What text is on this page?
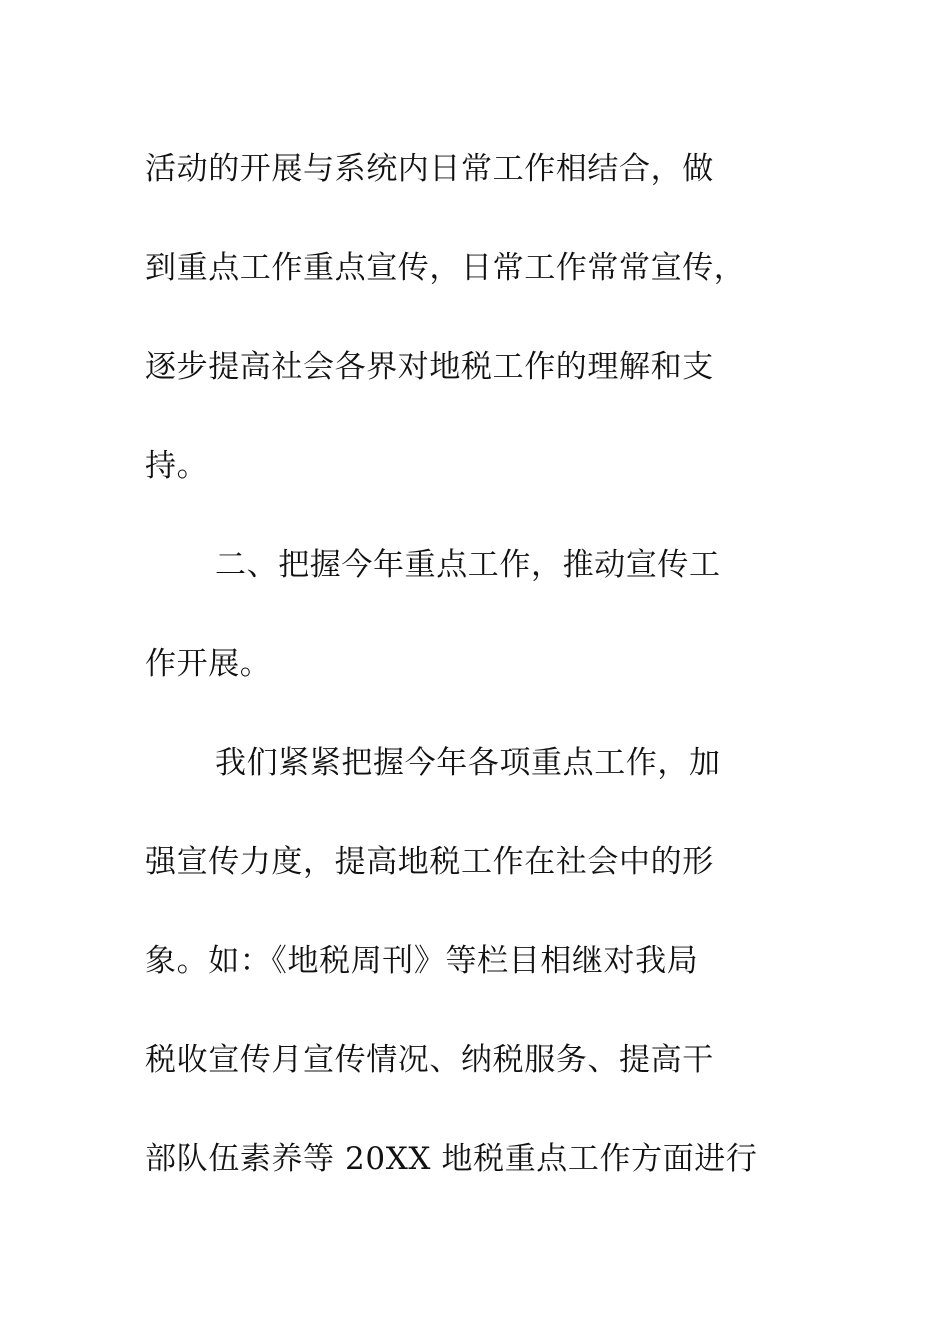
活动的开展与系统内日常工作相结合，做
到重点工作重点宣传，日常工作常常宣传，
逐步提高社会各界对地税工作的理解和支
持。
二、把握今年重点工作，推动宣传工
作开展。
我们紧紧把握今年各项重点工作，加
强宣传力度，提高地税工作在社会中的形
象。如：《地税周刊》等栏目相继对我局
税收宣传月宣传情况、纳税服务、提高干
部队伍素养等 20XX 地税重点工作方面进行
